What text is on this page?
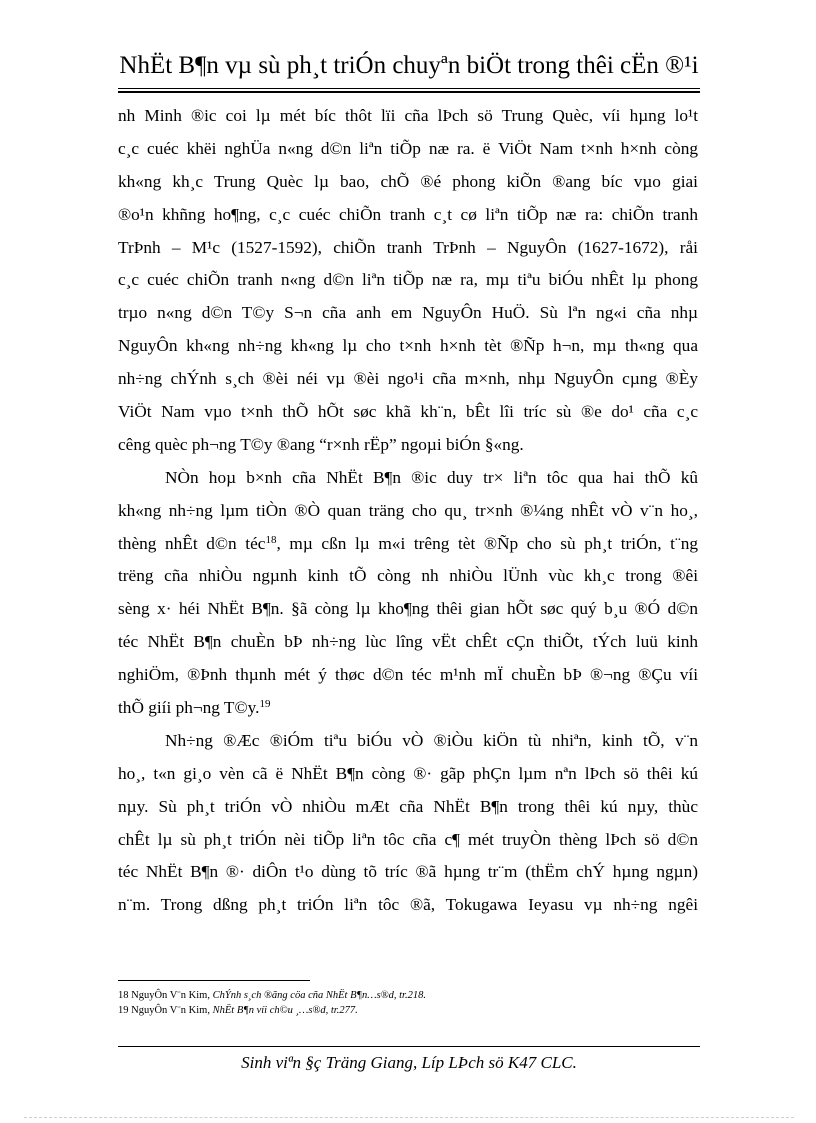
NhËt B¶n vµ sù ph¸t triÓn chuyªn biÖt trong thêi cËn ®¹i
nh Minh ®ic coi lµ mét bíc thôt lïi cña lÞch sö Trung Quèc, víi hµng lo¹t
c¸c cuéc khëi nghÜa n«ng d©n liªn tiÕp næ ra. ë ViÖt Nam t×nh h×nh còng
kh«ng kh¸c Trung Quèc lµ bao, chÕ ®é phong kiÕn ®ang bíc vµo giai
®o¹n khñng ho¶ng, c¸c cuéc chiÕn tranh c¸t cø liªn tiÕp næ ra: chiÕn tranh
TrÞnh – M¹c (1527-1592), chiÕn tranh TrÞnh – NguyÔn (1627-1672), råi
c¸c cuéc chiÕn tranh n«ng d©n liªn tiÕp næ ra, mµ tiªu biÓu nhÊt lµ phong
trµo n«ng d©n T©y S¬n cña anh em NguyÔn HuÖ. Sù lªn ng«i cña nhµ
NguyÔn kh«ng nh÷ng kh«ng lµ cho t×nh h×nh tèt ®Ñp h¬n, mµ th«ng qua
nh÷ng chÝnh s¸ch ®èi néi vµ ®èi ngo¹i cña m×nh, nhµ NguyÔn cµng ®Èy
ViÖt Nam vµo t×nh thÕ hÕt søc khã kh¨n, bÊt lîi tríc sù ®e do¹ cña c¸c
cêng quèc ph¬ng T©y ®ang “r×nh rËp” ngoµi biÓn §«ng.
NÒn hoµ b×nh cña NhËt B¶n ®ic duy tr× liªn tôc qua hai thÕ kû
kh«ng nh÷ng lµm tiÒn ®Ò quan träng cho qu¸ tr×nh ®¼ng nhÊt vÒ v¨n ho¸,
thèng nhÊt d©n téc$^{18}$, mµ cßn lµ m«i trêng tèt ®Ñp cho sù ph¸t triÓn, t¨ng
trëng cña nhiÒu ngµnh kinh tÕ còng nh nhiÒu lÜnh vùc kh¸c trong ®êi
sèng x· héi NhËt B¶n. §ã còng lµ kho¶ng thêi gian hÕt søc quý b¸u ®Ó d©n
téc NhËt B¶n chuÈn bÞ nh÷ng lùc lîng vËt chÊt cÇn thiÕt, tÝch luü kinh
nghiÖm, ®Þnh thµnh mét ý thøc d©n téc m¹nh mÏ chuÈn bÞ ®¬ng ®Çu víi
thÕ giíi ph¬ng T©y.$^{19}$
Nh÷ng ®Æc ®iÓm tiªu biÓu vÒ ®iÒu kiÖn tù nhiªn, kinh tÕ, v¨n
ho¸, t«n gi¸o vèn cã ë NhËt B¶n còng ®· gãp phÇn lµm nªn lÞch sö thêi kú
nµy. Sù ph¸t triÓn vÒ nhiÒu mÆt cña NhËt B¶n trong thêi kú nµy, thùc
chÊt lµ sù ph¸t triÓn nèi tiÕp liªn tôc cña c¶ mét truyÒn thèng lÞch sö d©n
téc NhËt B¶n ®· diÔn t¹o dùng tõ tríc ®ã hµng tr¨m (thËm chÝ hµng ngµn)
n¨m. Trong dßng ph¸t triÓn liªn tôc ®ã, Tokugawa Ieyasu vµ nh÷ng ngêi
18 NguyÔn V¨n Kim, ChÝnh s¸ch ®ãng cöa cña NhËt B¶n…s®d, tr.218.
19 NguyÔn V¨n Kim, NhËt B¶n víi ch©u ¸…s®d, tr.277.
Sinh viªn §ç Träng Giang, Líp LÞch sö K47 CLC.
